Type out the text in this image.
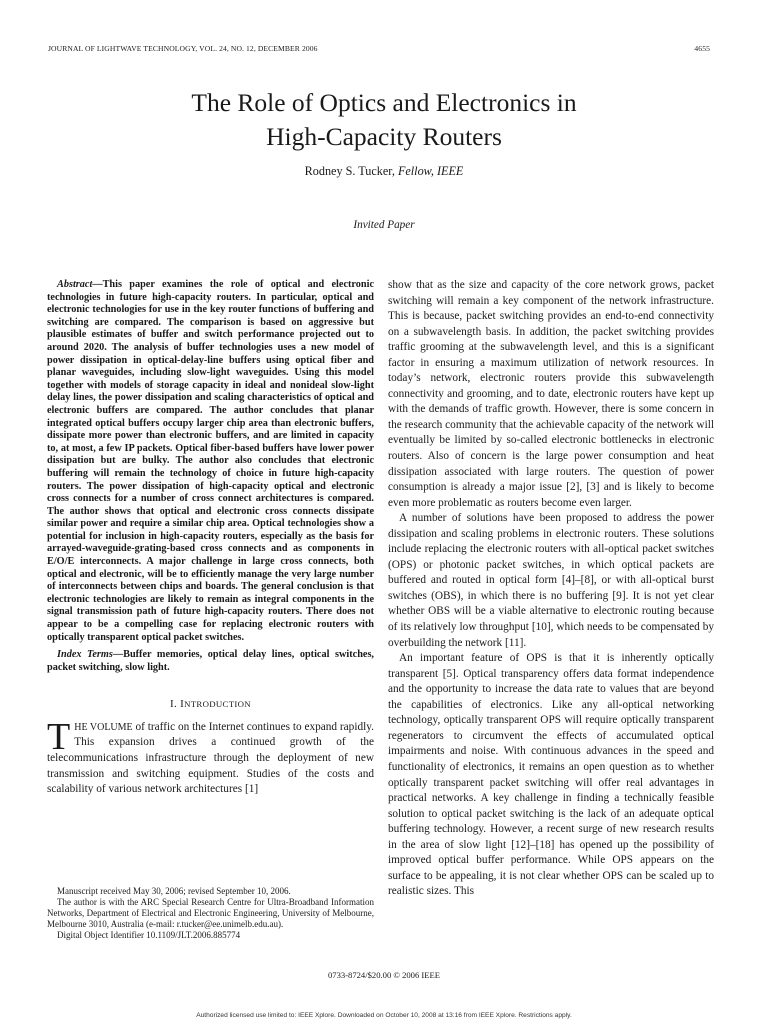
JOURNAL OF LIGHTWAVE TECHNOLOGY, VOL. 24, NO. 12, DECEMBER 2006	4655
The Role of Optics and Electronics in
High-Capacity Routers
Rodney S. Tucker, Fellow, IEEE
Invited Paper

Abstract—This paper examines the role of optical and electronic technologies in future high-capacity routers. In particular, optical and electronic technologies for use in the key router functions of buffering and switching are compared. The comparison is based on aggressive but plausible estimates of buffer and switch performance projected out to around 2020. The analysis of buffer technologies uses a new model of power dissipation in optical-delay-line buffers using optical fiber and planar waveguides, including slow-light waveguides. Using this model together with models of storage capacity in ideal and nonideal slow-light delay lines, the power dissipation and scaling characteristics of optical and electronic buffers are compared. The author concludes that planar integrated optical buffers occupy larger chip area than electronic buffers, dissipate more power than electronic buffers, and are limited in capacity to, at most, a few IP packets. Optical fiber-based buffers have lower power dissipation but are bulky. The author also concludes that electronic buffering will remain the technology of choice in future high-capacity routers. The power dissipation of high-capacity optical and electronic cross connects for a number of cross connect architectures is compared. The author shows that optical and electronic cross connects dissipate similar power and require a similar chip area. Optical technologies show a potential for inclusion in high-capacity routers, especially as the basis for arrayed-waveguide-grating-based cross connects and as components in E/O/E interconnects. A major challenge in large cross connects, both optical and electronic, will be to efficiently manage the very large number of interconnects between chips and boards. The general conclusion is that electronic technologies are likely to remain as integral components in the signal transmission path of future high-capacity routers. There does not appear to be a compelling case for replacing electronic routers with optically transparent optical packet switches.

Index Terms—Buffer memories, optical delay lines, optical switches, packet switching, slow light.

I. INTRODUCTION

THE VOLUME of traffic on the Internet continues to expand rapidly. This expansion drives a continued growth of the telecommunications infrastructure through the deployment of new transmission and switching equipment. Studies of the costs and scalability of various network architectures [1]

show that as the size and capacity of the core network grows, packet switching will remain a key component of the network infrastructure. This is because, packet switching provides an end-to-end connectivity on a subwavelength basis. In addition, the packet switching provides traffic grooming at the subwavelength level, and this is a significant factor in ensuring a maximum utilization of network resources. In today’s network, electronic routers provide this subwavelength connectivity and grooming, and to date, electronic routers have kept up with the demands of traffic growth. However, there is some concern in the research community that the achievable capacity of the network will eventually be limited by so-called electronic bottlenecks in electronic routers. Also of concern is the large power consumption and heat dissipation associated with large routers. The question of power consumption is already a major issue [2], [3] and is likely to become even more problematic as routers become even larger.

A number of solutions have been proposed to address the power dissipation and scaling problems in electronic routers. These solutions include replacing the electronic routers with all-optical packet switches (OPS) or photonic packet switches, in which optical packets are buffered and routed in optical form [4]–[8], or with all-optical burst switches (OBS), in which there is no buffering [9]. It is not yet clear whether OBS will be a viable alternative to electronic routing because of its relatively low throughput [10], which needs to be compensated by overbuilding the network [11].

An important feature of OPS is that it is inherently optically transparent [5]. Optical transparency offers data format independence and the opportunity to increase the data rate to values that are beyond the capabilities of electronics. Like any all-optical networking technology, optically transparent OPS will require optically transparent regenerators to circumvent the effects of accumulated optical impairments and noise. With continuous advances in the speed and functionality of electronics, it remains an open question as to whether optically transparent packet switching will offer real advantages in practical networks. A key challenge in finding a technically feasible solution to optical packet switching is the lack of an adequate optical buffering technology. However, a recent surge of new research results in the area of slow light [12]–[18] has opened up the possibility of improved optical buffer performance. While OPS appears on the surface to be appealing, it is not clear whether OPS can be scaled up to realistic sizes. This

Manuscript received May 30, 2006; revised September 10, 2006.

The author is with the ARC Special Research Centre for Ultra-Broadband Information Networks, Department of Electrical and Electronic Engineering, University of Melbourne, Melbourne 3010, Australia (e-mail: r.tucker@ee.unimelb.edu.au).

Digital Object Identifier 10.1109/JLT.2006.885774

0733-8724/$20.00 © 2006 IEEE
Authorized licensed use limited to: IEEE Xplore. Downloaded on October 10, 2008 at 13:16 from IEEE Xplore. Restrictions apply.
